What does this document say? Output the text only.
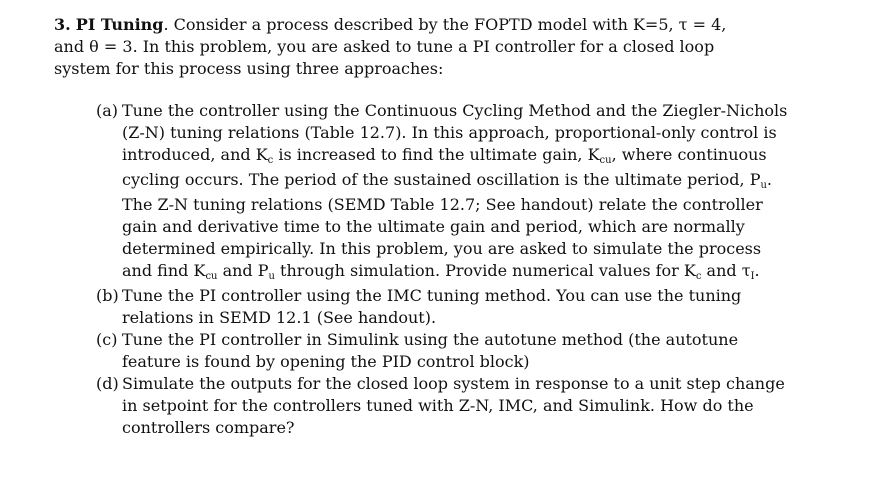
3. PI Tuning. Consider a process described by the FOPTD model with K=5, τ = 4, and θ = 3. In this problem, you are asked to tune a PI controller for a closed loop system for this process using three approaches:

(a) Tune the controller using the Continuous Cycling Method and the Ziegler-Nichols (Z-N) tuning relations (Table 12.7). In this approach, proportional-only control is introduced, and $K_c$ is increased to find the ultimate gain, $K_{cu}$, where continuous cycling occurs. The period of the sustained oscillation is the ultimate period, $P_u$. The Z-N tuning relations (SEMD Table 12.7; See handout) relate the controller gain and derivative time to the ultimate gain and period, which are normally determined empirically. In this problem, you are asked to simulate the process and find $K_{cu}$ and $P_u$ through simulation. Provide numerical values for $K_c$ and $\tau_I$.
(b) Tune the PI controller using the IMC tuning method. You can use the tuning relations in SEMD 12.1 (See handout).
(c) Tune the PI controller in Simulink using the autotune method (the autotune feature is found by opening the PID control block)
(d) Simulate the outputs for the closed loop system in response to a unit step change in setpoint for the controllers tuned with Z-N, IMC, and Simulink. How do the controllers compare?
